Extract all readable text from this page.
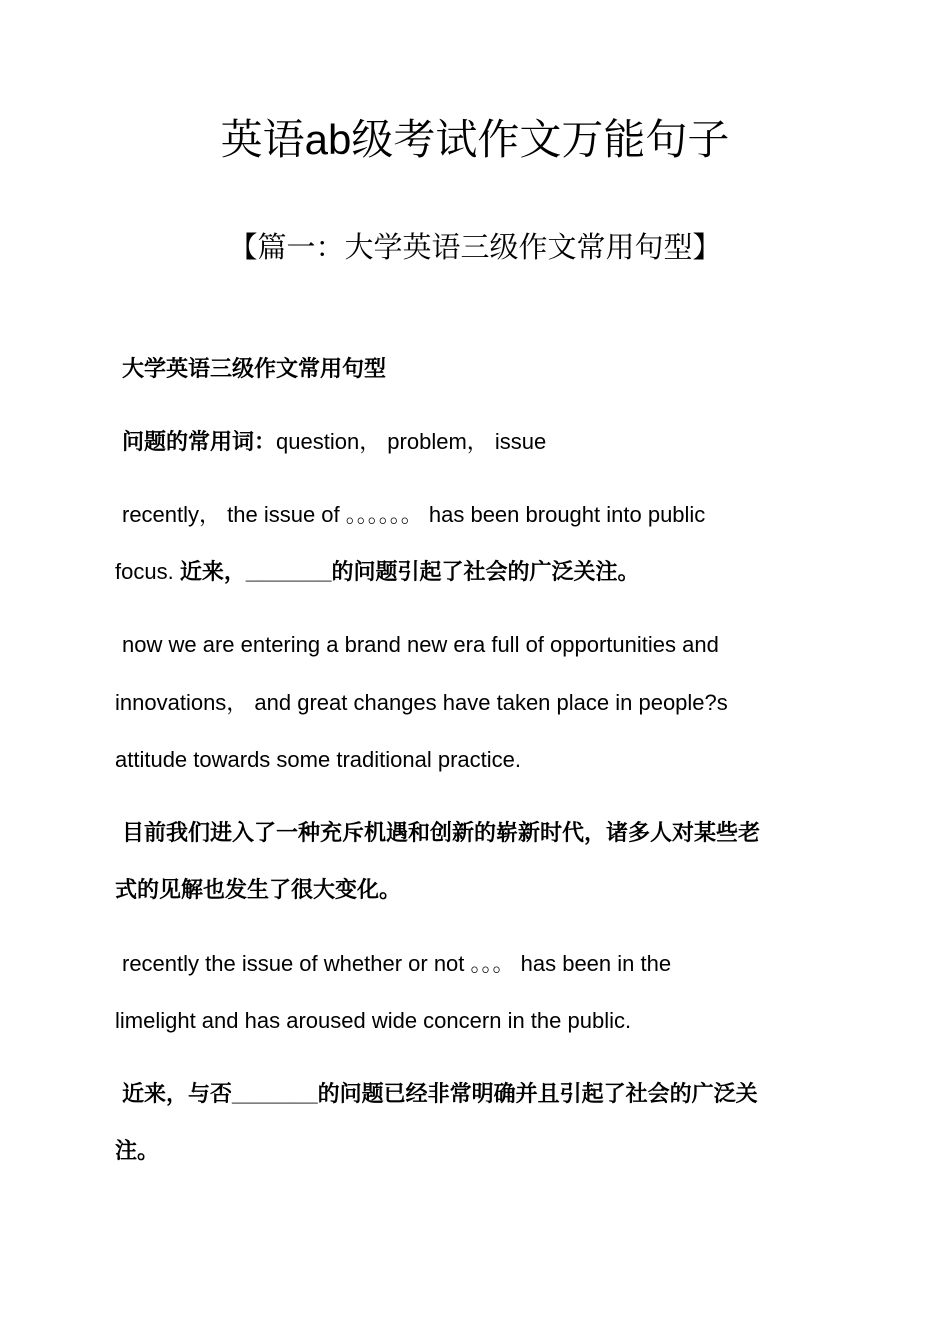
英语ab级考试作文万能句子
【篇一：大学英语三级作文常用句型】
大学英语三级作文常用句型
问题的常用词：question， problem， issue
recently， the issue of 。。。。。。 has been brought into public
focus. 近来，_______的问题引起了社会的广泛关注。
now we are entering a brand new era full of opportunities and
innovations， and great changes have taken place in people?s
attitude towards some traditional practice.
目前我们进入了一种充斥机遇和创新的崭新时代，诸多人对某些老
式的见解也发生了很大变化。
recently the issue of whether or not 。。。 has been in the
limelight and has aroused wide concern in the public.
近来，与否_______的问题已经非常明确并且引起了社会的广泛关
注。
